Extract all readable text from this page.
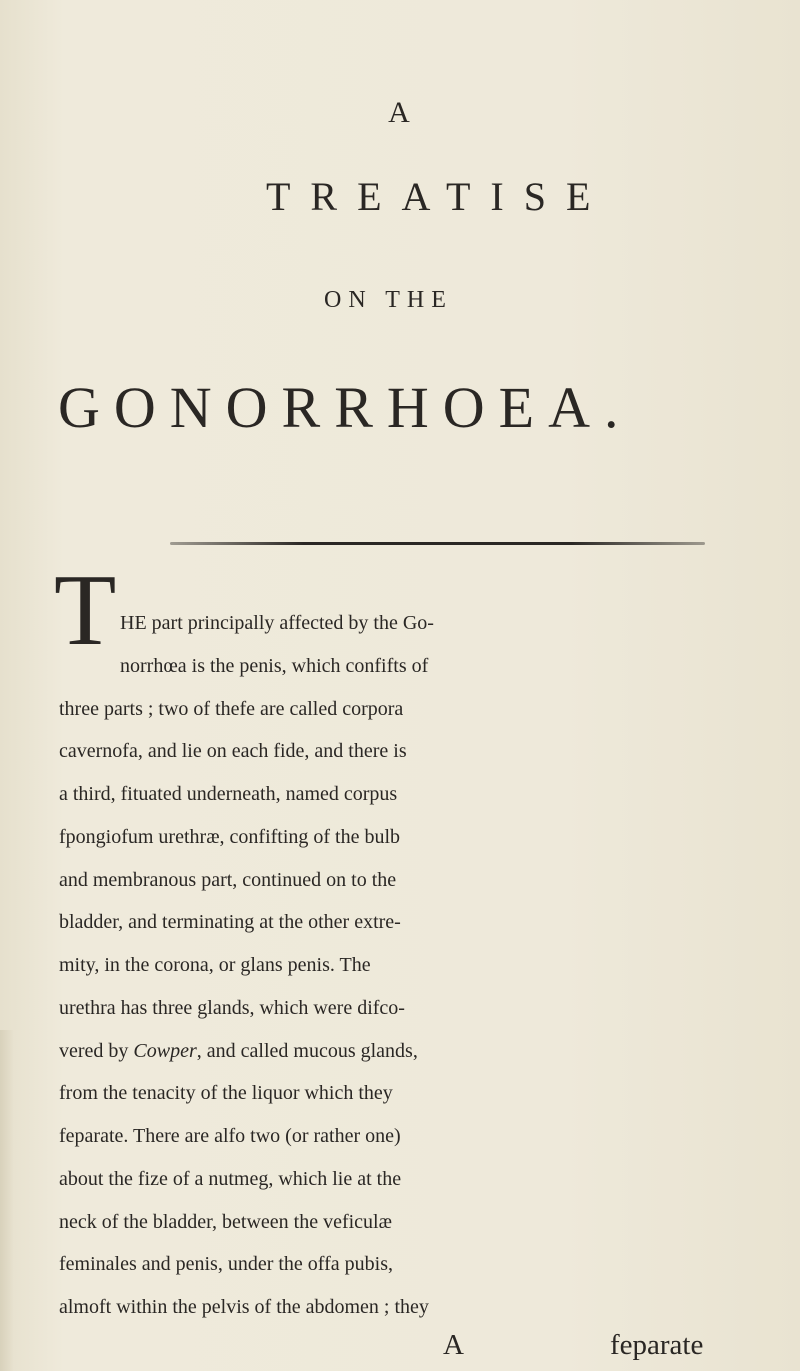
A
TREATISE
ON THE
GONORRHOEA.
T HE part principally affected by the Go-
norrhœa is the penis, which confifts of
three parts ; two of thefe are called corpora
cavernofa, and lie on each fide, and there is
a third, fituated underneath, named corpus
fpongiofum urethræ, confifting of the bulb
and membranous part, continued on to the
bladder, and terminating at the other extre-
mity, in the corona, or glans penis. The
urethra has three glands, which were difco-
vered by Cowper, and called mucous glands,
from the tenacity of the liquor which they
feparate. There are alfo two (or rather one)
about the fize of a nutmeg, which lie at the
neck of the bladder, between the veficulæ
feminales and penis, under the offa pubis,
almoft within the pelvis of the abdomen ; they
A	feparate
